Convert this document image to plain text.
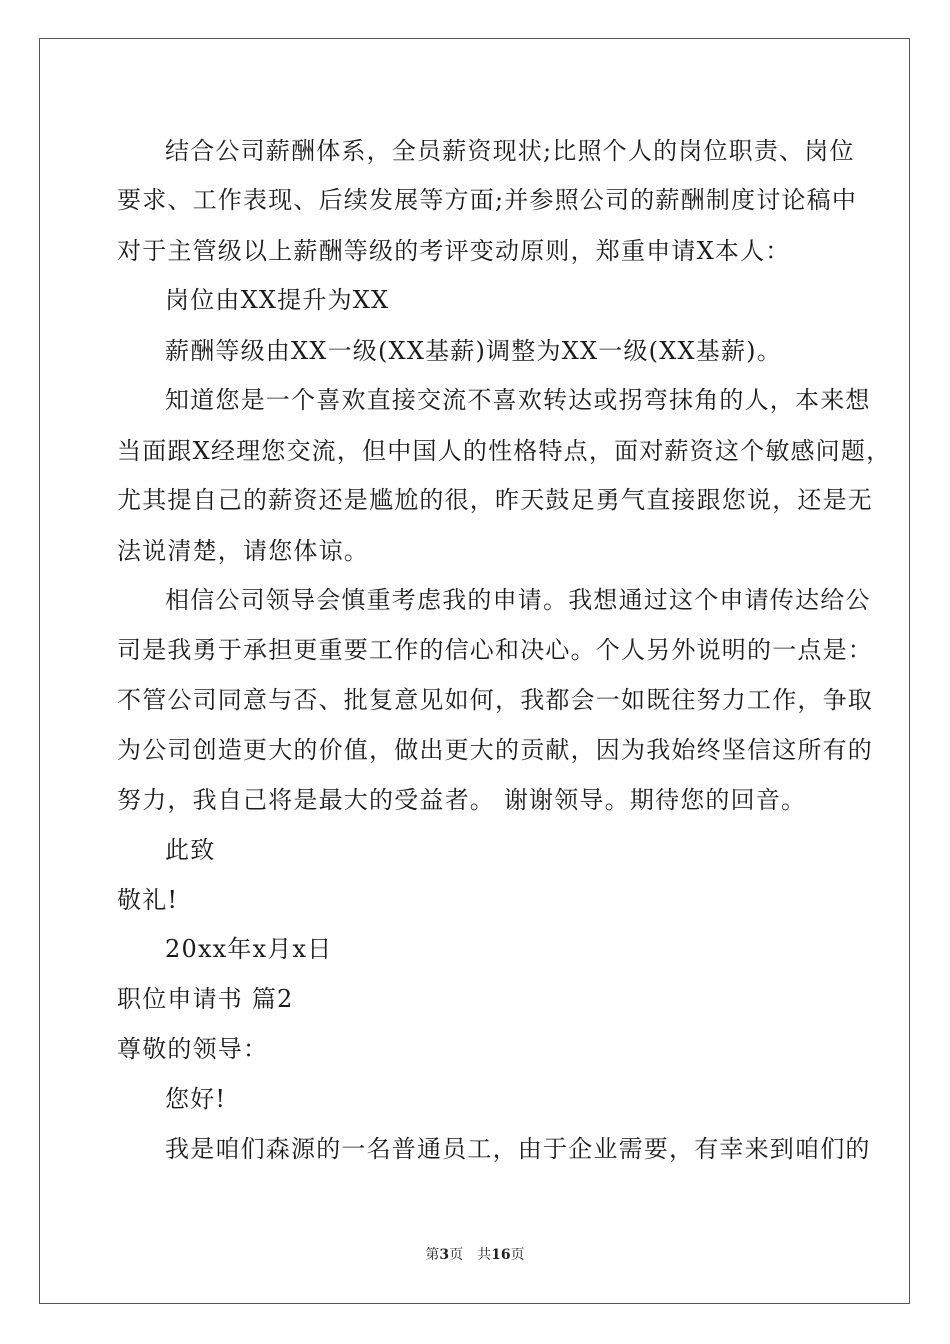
结合公司薪酬体系，全员薪资现状;比照个人的岗位职责、岗位
要求、工作表现、后续发展等方面;并参照公司的薪酬制度讨论稿中
对于主管级以上薪酬等级的考评变动原则，郑重申请X本人：
岗位由XX提升为XX
薪酬等级由XX一级(XX基薪)调整为XX一级(XX基薪)。
知道您是一个喜欢直接交流不喜欢转达或拐弯抹角的人，本来想
当面跟X经理您交流，但中国人的性格特点，面对薪资这个敏感问题，
尤其提自己的薪资还是尴尬的很，昨天鼓足勇气直接跟您说，还是无
法说清楚，请您体谅。
相信公司领导会慎重考虑我的申请。我想通过这个申请传达给公
司是我勇于承担更重要工作的信心和决心。个人另外说明的一点是：
不管公司同意与否、批复意见如何，我都会一如既往努力工作，争取
为公司创造更大的价值，做出更大的贡献，因为我始终坚信这所有的
努力，我自己将是最大的受益者。 谢谢领导。期待您的回音。
此致
敬礼!
20xx年x月x日
职位申请书 篇2
尊敬的领导：
您好!
我是咱们森源的一名普通员工，由于企业需要，有幸来到咱们的
第3页　共16页
